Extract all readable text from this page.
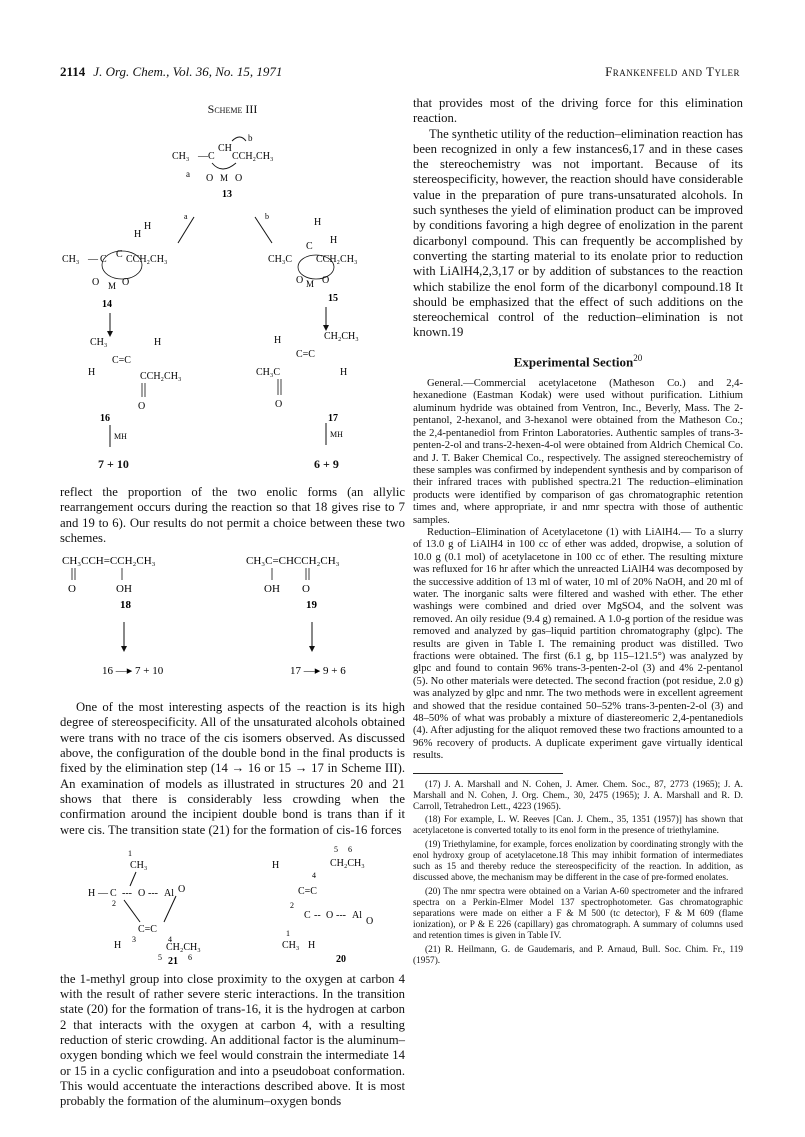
2114 J. Org. Chem., Vol. 36, No. 15, 1971	Frankenfeld and Tyler
Scheme III
CH₃ — C
CH
CCH₂CH₃
b
a O M O
13
a	b
H
H
CH₃ — C C CCH₂CH₃
O M O
14
H
H
CH₃C
C
CCH₂CH₃
O M O
15
CH₃	H
C=C
H	CCH₂CH₃
O
16
H	CH₂CH₃
C=C
CH₃C	H
O
17
MH	MH
7 + 10	6 + 9

reflect the proportion of the two enolic forms (an allylic rearrangement occurs during the reaction so that 18 gives rise to 7 and 19 to 6). Our results do not permit a choice between these two schemes.

CH₃CCH=CCH₂CH₃
O	OH
18
CH₃C=CHCCH₂CH₃
OH O
19
16 —▸ 7 + 10	17 —▸ 9 + 6

One of the most interesting aspects of the reaction is its high degree of stereospecificity. All of the unsaturated alcohols obtained were trans with no trace of the cis isomers observed. As discussed above, the configuration of the double bond in the final products is fixed by the elimination step (14 → 16 or 15 → 17 in Scheme III). An examination of models as illustrated in structures 20 and 21 shows that there is considerably less crowding when the confirmation around the incipient double bond is trans than if it were cis. The transition state (21) for the formation of cis-16 forces

1
CH₃
H — C
2
--- O --- Al O
C=C
3	4
H	CH₂CH₃
5	6
21
H
5 6
CH₂CH₃
4
C=C
2
C -- O --- Al
O
1
CH₃ H
20

the 1-methyl group into close proximity to the oxygen at carbon 4 with the result of rather severe steric interactions. In the transition state (20) for the formation of trans-16, it is the hydrogen at carbon 2 that interacts with the oxygen at carbon 4, with a resulting reduction of steric crowding. An additional factor is the aluminum–oxygen bonding which we feel would constrain the intermediate 14 or 15 in a cyclic configuration and into a pseudoboat conformation. This would accentuate the interactions described above. It is most probably the formation of the aluminum–oxygen bonds

that provides most of the driving force for this elimination reaction.

The synthetic utility of the reduction–elimination reaction has been recognized in only a few instances6,17 and in these cases the stereochemistry was not important. Because of its stereospecificity, however, the reaction should have considerable value in the preparation of pure trans-unsaturated alcohols. In such syntheses the yield of elimination product can be improved by conditions favoring a high degree of enolization in the parent dicarbonyl compound. This can frequently be accomplished by converting the starting material to its enolate prior to reduction with LiAlH4,2,3,17 or by addition of substances to the reaction which stabilize the enol form of the dicarbonyl compound.18 It should be emphasized that the effect of such additions on the stereochemical control of the reduction–elimination is not known.19

Experimental Section$^{20}$

General.—Commercial acetylacetone (Matheson Co.) and 2,4-hexanedione (Eastman Kodak) were used without purification. Lithium aluminum hydride was obtained from Ventron, Inc., Beverly, Mass. The 2-pentanol, 2-hexanol, and 3-hexanol were obtained from the Matheson Co.; the 2,4-pentanediol from Frinton Laboratories. Authentic samples of trans-3-penten-2-ol and trans-2-hexen-4-ol were obtained from Aldrich Chemical Co. and J. T. Baker Chemical Co., respectively. The assigned stereochemistry of these samples was confirmed by independent synthesis and by comparison of their infrared traces with published spectra.21 The reduction–elimination products were identified by comparison of gas chromatographic retention times and, where appropriate, ir and nmr spectra with those of authentic samples.

Reduction–Elimination of Acetylacetone (1) with LiAlH4.— To a slurry of 13.0 g of LiAlH4 in 100 cc of ether was added, dropwise, a solution of 10.0 g (0.1 mol) of acetylacetone in 100 cc of ether. The resulting mixture was refluxed for 16 hr after which the unreacted LiAlH4 was decomposed by the successive addition of 13 ml of water, 10 ml of 20% NaOH, and 20 ml of water. The inorganic salts were filtered and washed with ether. The ether washings were combined and dried over MgSO4, and the solvent was removed. An oily residue (9.4 g) remained. A 1.0-g portion of the residue was removed and analyzed by gas–liquid partition chromatography (glpc). The results are given in Table I. The remaining product was distilled. Two fractions were obtained. The first (6.1 g, bp 115–121.5°) was analyzed by glpc and found to contain 96% trans-3-penten-2-ol (3) and 4% 2-pentanol (5). No other materials were detected. The second fraction (pot residue, 2.0 g) was analyzed by glpc and nmr. The two methods were in excellent agreement and showed that the residue contained 50–52% trans-3-penten-2-ol (3) and 48–50% of what was probably a mixture of diastereomeric 2,4-pentanediols (4). After adjusting for the aliquot removed these two fractions amounted to a 96% recovery of products. A duplicate experiment gave virtually identical results.

(17) J. A. Marshall and N. Cohen, J. Amer. Chem. Soc., 87, 2773 (1965); J. A. Marshall and N. Cohen, J. Org. Chem., 30, 2475 (1965); J. A. Marshall and R. D. Carroll, Tetrahedron Lett., 4223 (1965).

(18) For example, L. W. Reeves [Can. J. Chem., 35, 1351 (1957)] has shown that acetylacetone is converted totally to its enol form in the presence of triethylamine.

(19) Triethylamine, for example, forces enolization by coordinating strongly with the enol hydroxy group of acetylacetone.18 This may inhibit formation of intermediates such as 15 and thereby reduce the stereospecificity of the reaction. In addition, as discussed above, the mechanism may be different in the case of pre-formed enolates.

(20) The nmr spectra were obtained on a Varian A-60 spectrometer and the infrared spectra on a Perkin-Elmer Model 137 spectrophotometer. Gas chromatographic separations were made on either a F & M 500 (tc detector), F & M 609 (flame ionization), or P & E 226 (capillary) gas chromatograph. A summary of columns used and retention times is given in Table IV.

(21) R. Heilmann, G. de Gaudemaris, and P. Arnaud, Bull. Soc. Chim. Fr., 119 (1957).
